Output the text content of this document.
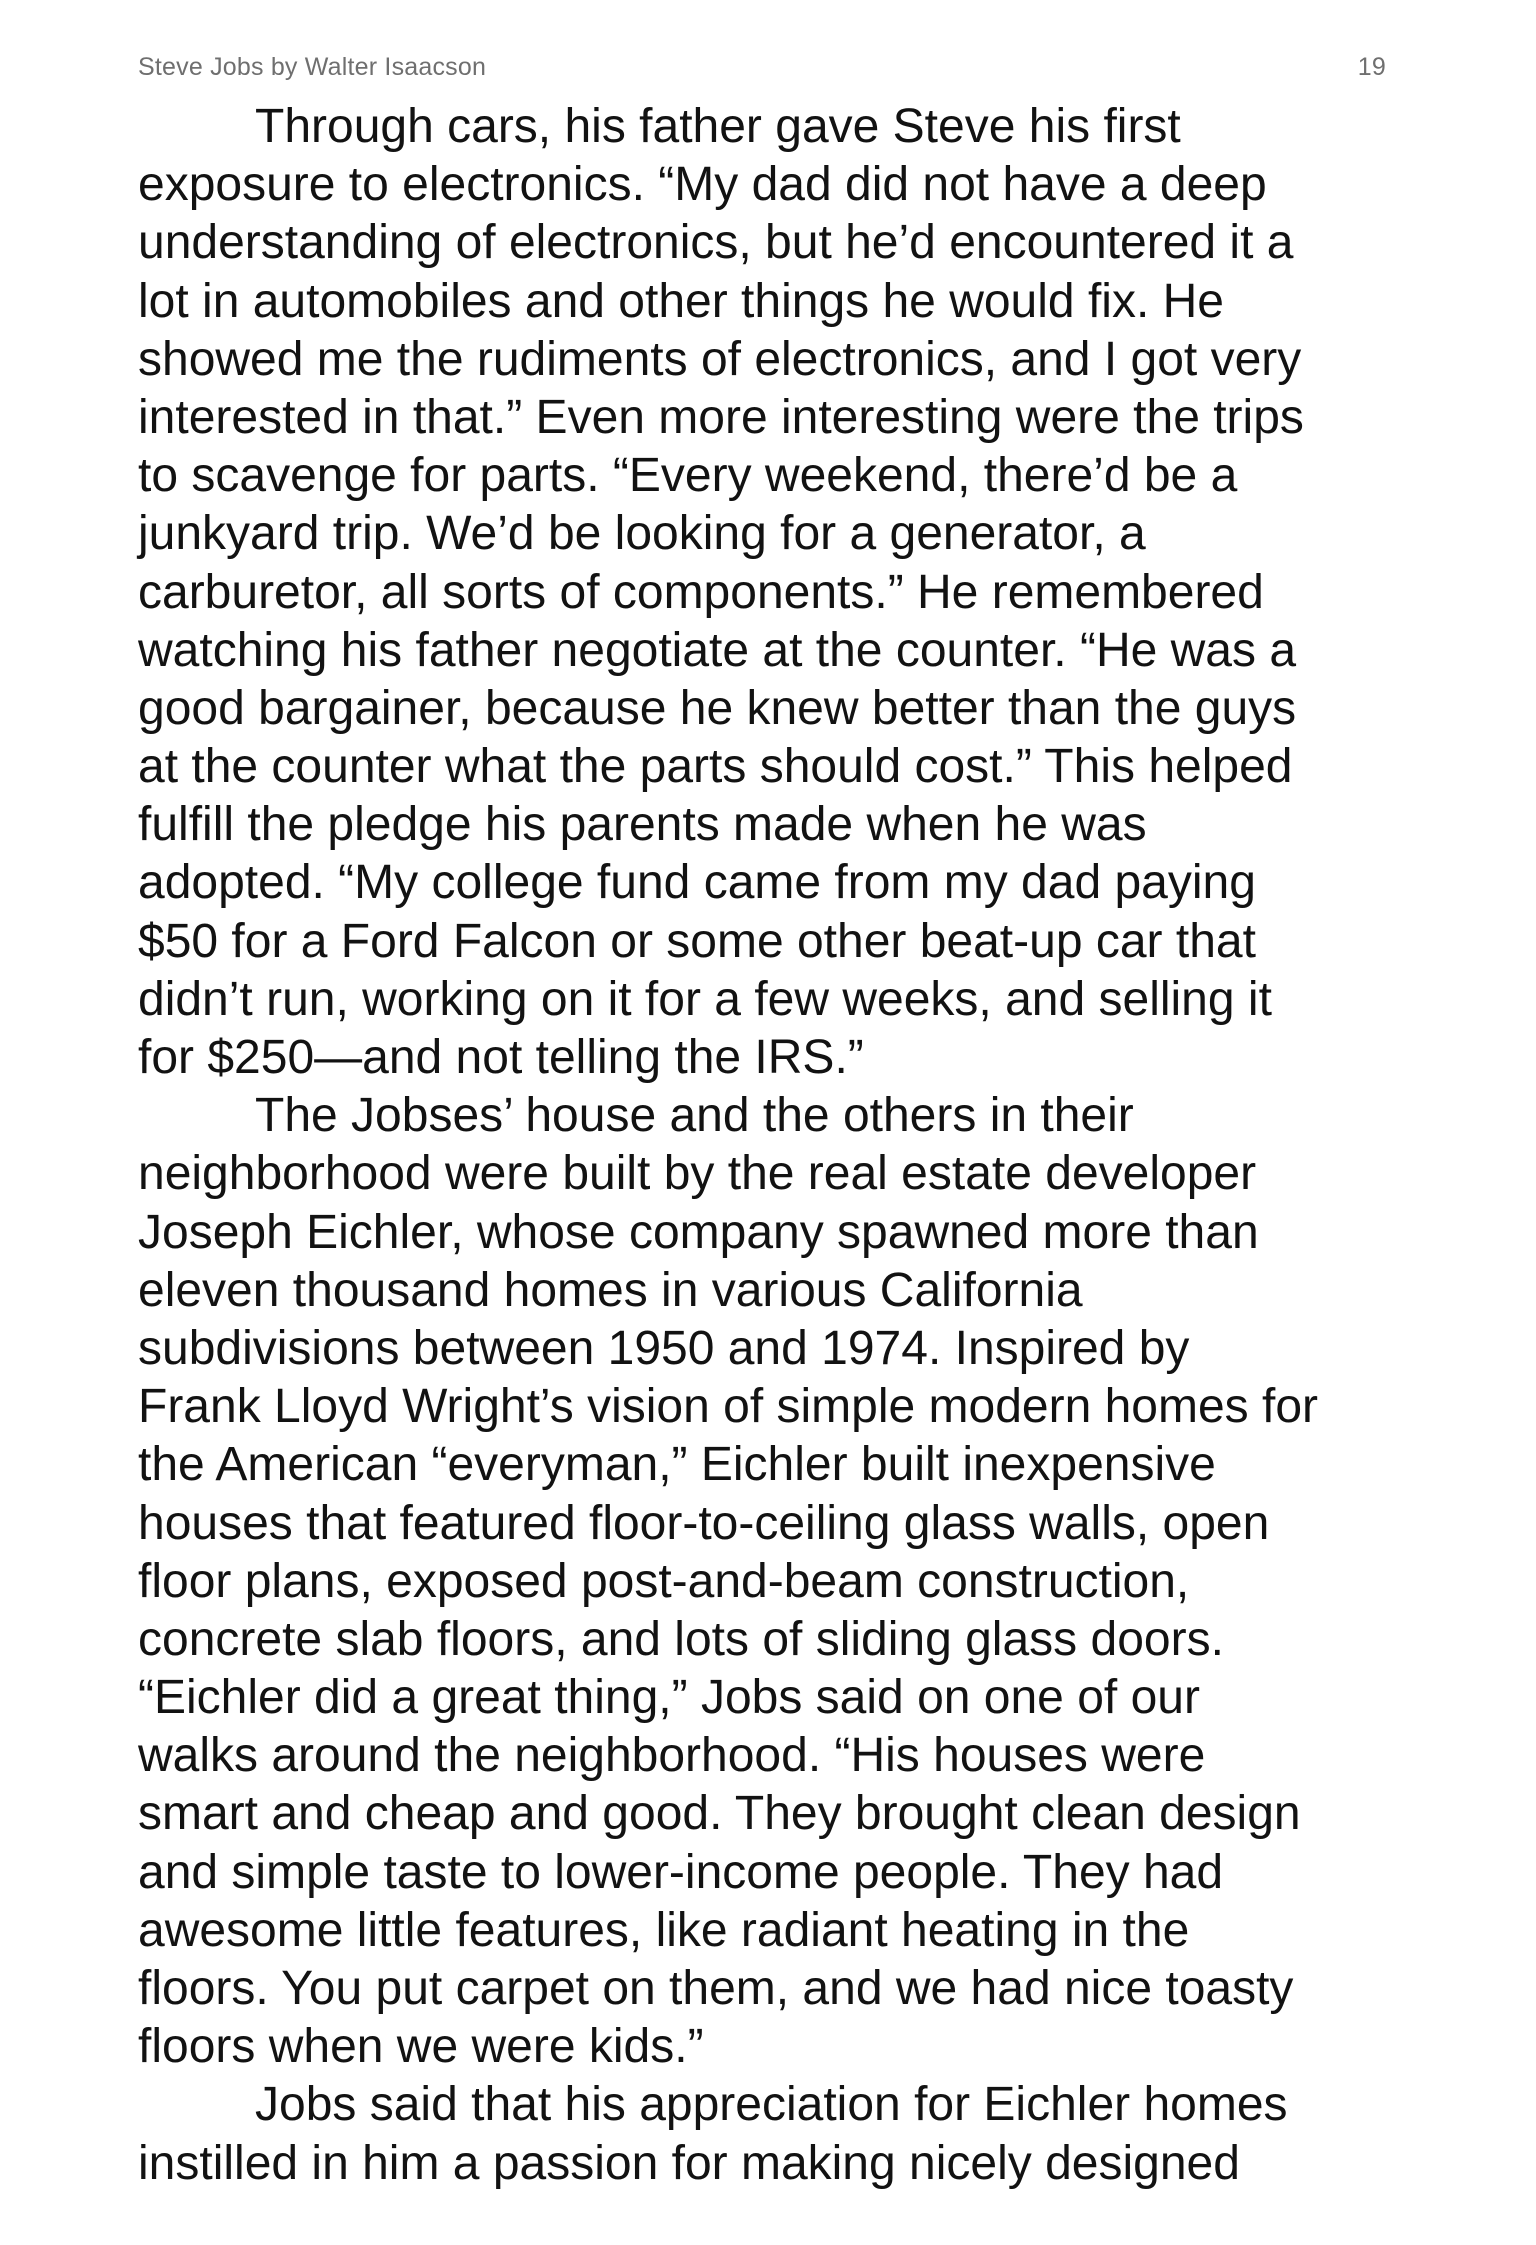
Steve Jobs by Walter Isaacson	19
Through cars, his father gave Steve his first
exposure to electronics. “My dad did not have a deep
understanding of electronics, but he’d encountered it a
lot in automobiles and other things he would fix. He
showed me the rudiments of electronics, and I got very
interested in that.” Even more interesting were the trips
to scavenge for parts. “Every weekend, there’d be a
junkyard trip. We’d be looking for a generator, a
carburetor, all sorts of components.” He remembered
watching his father negotiate at the counter. “He was a
good bargainer, because he knew better than the guys
at the counter what the parts should cost.” This helped
fulfill the pledge his parents made when he was
adopted. “My college fund came from my dad paying
$50 for a Ford Falcon or some other beat-up car that
didn’t run, working on it for a few weeks, and selling it
for $250—and not telling the IRS.”
The Jobses’ house and the others in their
neighborhood were built by the real estate developer
Joseph Eichler, whose company spawned more than
eleven thousand homes in various California
subdivisions between 1950 and 1974. Inspired by
Frank Lloyd Wright’s vision of simple modern homes for
the American “everyman,” Eichler built inexpensive
houses that featured floor-to-ceiling glass walls, open
floor plans, exposed post-and-beam construction,
concrete slab floors, and lots of sliding glass doors.
“Eichler did a great thing,” Jobs said on one of our
walks around the neighborhood. “His houses were
smart and cheap and good. They brought clean design
and simple taste to lower-income people. They had
awesome little features, like radiant heating in the
floors. You put carpet on them, and we had nice toasty
floors when we were kids.”
Jobs said that his appreciation for Eichler homes
instilled in him a passion for making nicely designed
